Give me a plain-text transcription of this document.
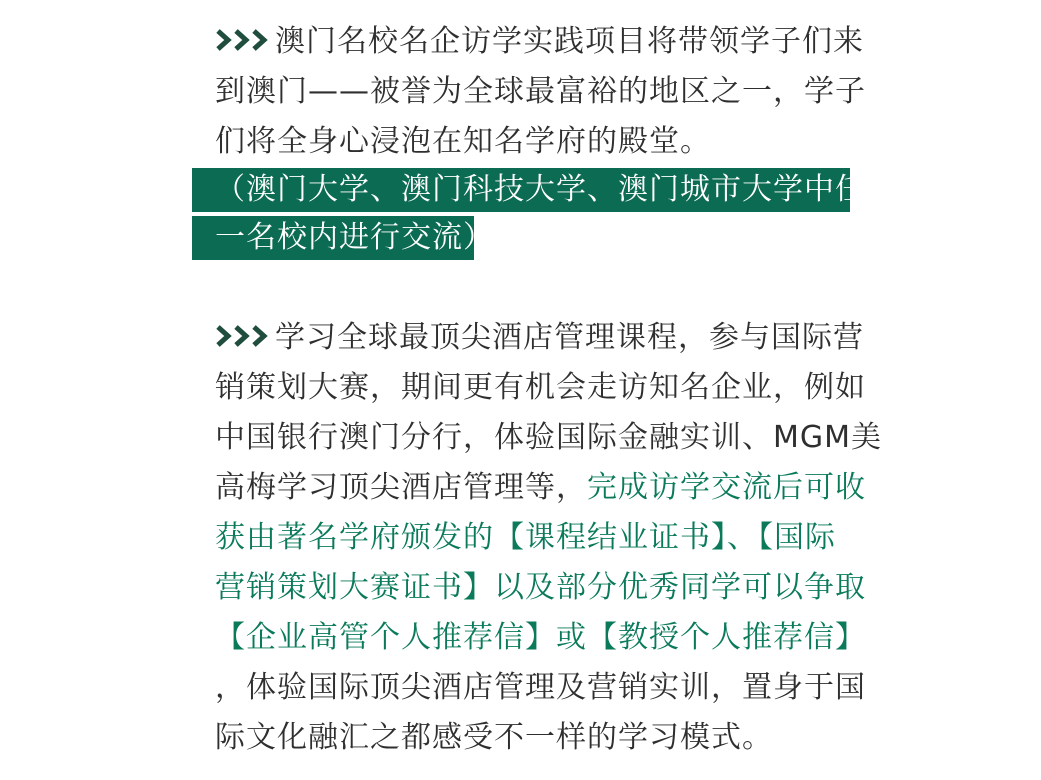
澳门名校名企访学实践项目将带领学子们来
到澳门——被誉为全球最富裕的地区之一，学子
们将全身心浸泡在知名学府的殿堂。
（澳门大学、澳门科技大学、澳门城市大学中任
一名校内进行交流）
学习全球最顶尖酒店管理课程，参与国际营
销策划大赛，期间更有机会走访知名企业，例如
中国银行澳门分行，体验国际金融实训、MGM美
高梅学习顶尖酒店管理等，完成访学交流后可收
获由著名学府颁发的【课程结业证书】、【国际
营销策划大赛证书】以及部分优秀同学可以争取
【企业高管个人推荐信】或【教授个人推荐信】
，体验国际顶尖酒店管理及营销实训，置身于国
际文化融汇之都感受不一样的学习模式。
